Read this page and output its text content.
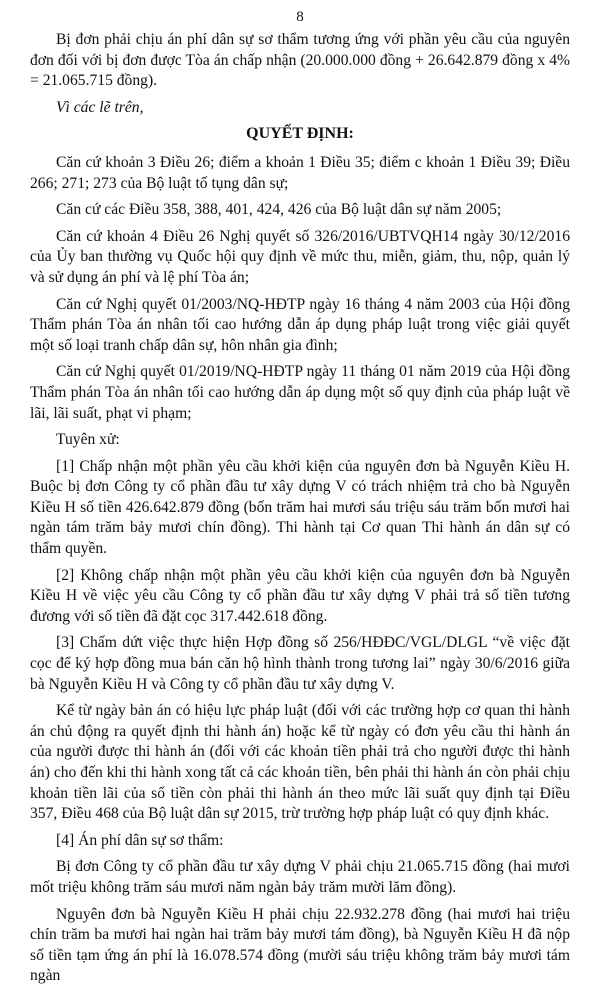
8

Bị đơn phải chịu án phí dân sự sơ thẩm tương ứng với phần yêu cầu của nguyên đơn đối với bị đơn được Tòa án chấp nhận (20.000.000 đồng + 26.642.879 đồng x 4% = 21.065.715 đồng).

Vì các lẽ trên,

QUYẾT ĐỊNH:

Căn cứ khoản 3 Điều 26; điểm a khoản 1 Điều 35; điểm c khoản 1 Điều 39; Điều 266; 271; 273 của Bộ luật tố tụng dân sự;

Căn cứ các Điều 358, 388, 401, 424, 426 của Bộ luật dân sự năm 2005;

Căn cứ khoản 4 Điều 26 Nghị quyết số 326/2016/UBTVQH14 ngày 30/12/2016 của Ủy ban thường vụ Quốc hội quy định về mức thu, miễn, giảm, thu, nộp, quản lý và sử dụng án phí và lệ phí Tòa án;

Căn cứ Nghị quyết 01/2003/NQ-HĐTP ngày 16 tháng 4 năm 2003 của Hội đồng Thẩm phán Tòa án nhân tối cao hướng dẫn áp dụng pháp luật trong việc giải quyết một số loại tranh chấp dân sự, hôn nhân gia đình;

Căn cứ Nghị quyết 01/2019/NQ-HĐTP ngày 11 tháng 01 năm 2019 của Hội đồng Thẩm phán Tòa án nhân tối cao hướng dẫn áp dụng một số quy định của pháp luật về lãi, lãi suất, phạt vi phạm;

Tuyên xử:

[1] Chấp nhận một phần yêu cầu khởi kiện của nguyên đơn bà Nguyễn Kiều H. Buộc bị đơn Công ty cổ phần đầu tư xây dựng V có trách nhiệm trả cho bà Nguyễn Kiều H số tiền 426.642.879 đồng (bốn trăm hai mươi sáu triệu sáu trăm bốn mươi hai ngàn tám trăm bảy mươi chín đồng). Thi hành tại Cơ quan Thi hành án dân sự có thẩm quyền.

[2] Không chấp nhận một phần yêu cầu khởi kiện của nguyên đơn bà Nguyễn Kiều H về việc yêu cầu Công ty cổ phần đầu tư xây dựng V phải trả số tiền tương đương với số tiền đã đặt cọc 317.442.618 đồng.

[3] Chấm dứt việc thực hiện Hợp đồng số 256/HĐĐC/VGL/DLGL “về việc đặt cọc để ký hợp đồng mua bán căn hộ hình thành trong tương lai” ngày 30/6/2016 giữa bà Nguyễn Kiều H và Công ty cổ phần đầu tư xây dựng V.

Kể từ ngày bản án có hiệu lực pháp luật (đối với các trường hợp cơ quan thi hành án chủ động ra quyết định thi hành án) hoặc kể từ ngày có đơn yêu cầu thi hành án của người được thi hành án (đối với các khoản tiền phải trả cho người được thi hành án) cho đến khi thi hành xong tất cả các khoản tiền, bên phải thi hành án còn phải chịu khoản tiền lãi của số tiền còn phải thi hành án theo mức lãi suất quy định tại Điều 357, Điều 468 của Bộ luật dân sự 2015, trừ trường hợp pháp luật có quy định khác.

[4] Án phí dân sự sơ thẩm:

Bị đơn Công ty cổ phần đầu tư xây dựng V phải chịu 21.065.715 đồng (hai mươi mốt triệu không trăm sáu mươi năm ngàn bảy trăm mười lăm đồng).

Nguyên đơn bà Nguyễn Kiều H phải chịu 22.932.278 đồng (hai mươi hai triệu chín trăm ba mươi hai ngàn hai trăm bảy mươi tám đồng), bà Nguyễn Kiều H đã nộp số tiền tạm ứng án phí là 16.078.574 đồng (mười sáu triệu không trăm bảy mươi tám ngàn
